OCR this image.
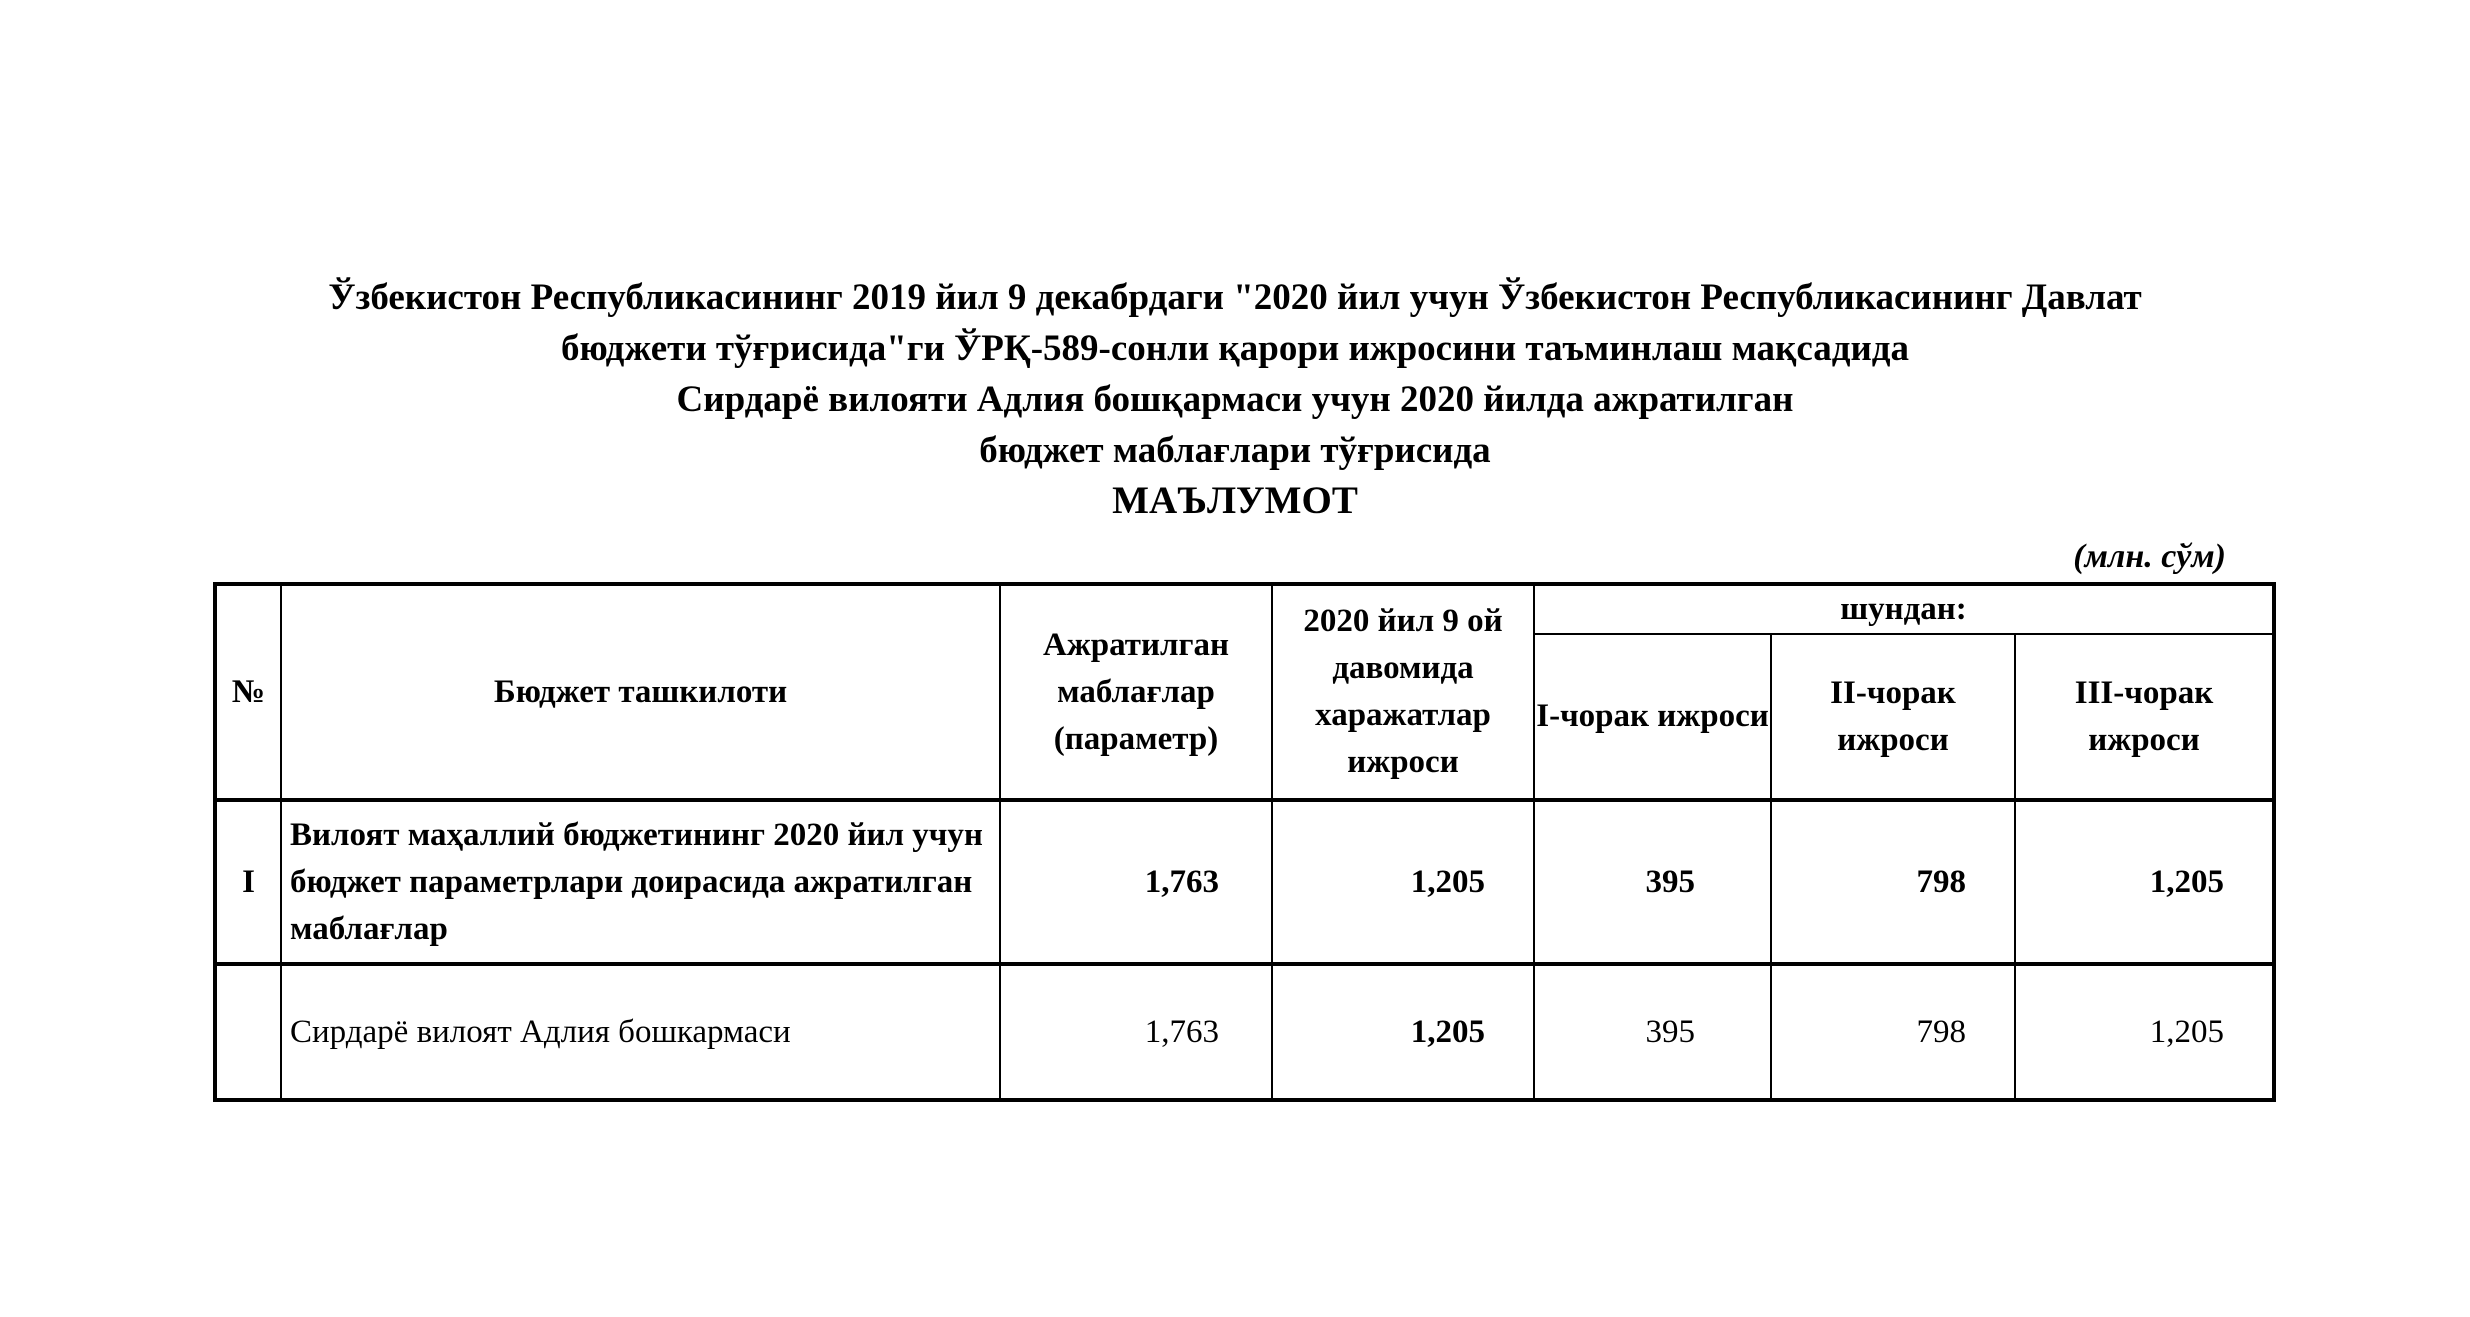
Ўзбекистон Республикасининг 2019 йил 9 декабрдаги "2020 йил учун Ўзбекистон Республикасининг Давлат
бюджети тўғрисида"ги ЎРҚ-589-сонли қарори ижросини таъминлаш мақсадида
Сирдарё вилояти Адлия бошқармаси учун 2020 йилда ажратилган
бюджет маблағлари тўғрисида
МАЪЛУМОТ
(млн. сўм)
№	Бюджет ташкилоти	Ажратилган маблағлар (параметр)	2020 йил 9 ой давомида харажатлар ижроси	шундан:		
				I-чорак ижроси	II-чорак ижроси	III-чорак ижроси
I	Вилоят маҳаллий бюджетининг 2020 йил учун бюджет параметрлари доирасида ажратилган маблағлар	1,763	1,205	395	798	1,205
	Сирдарё вилоят Адлия бошкармаси	1,763	1,205	395	798	1,205
